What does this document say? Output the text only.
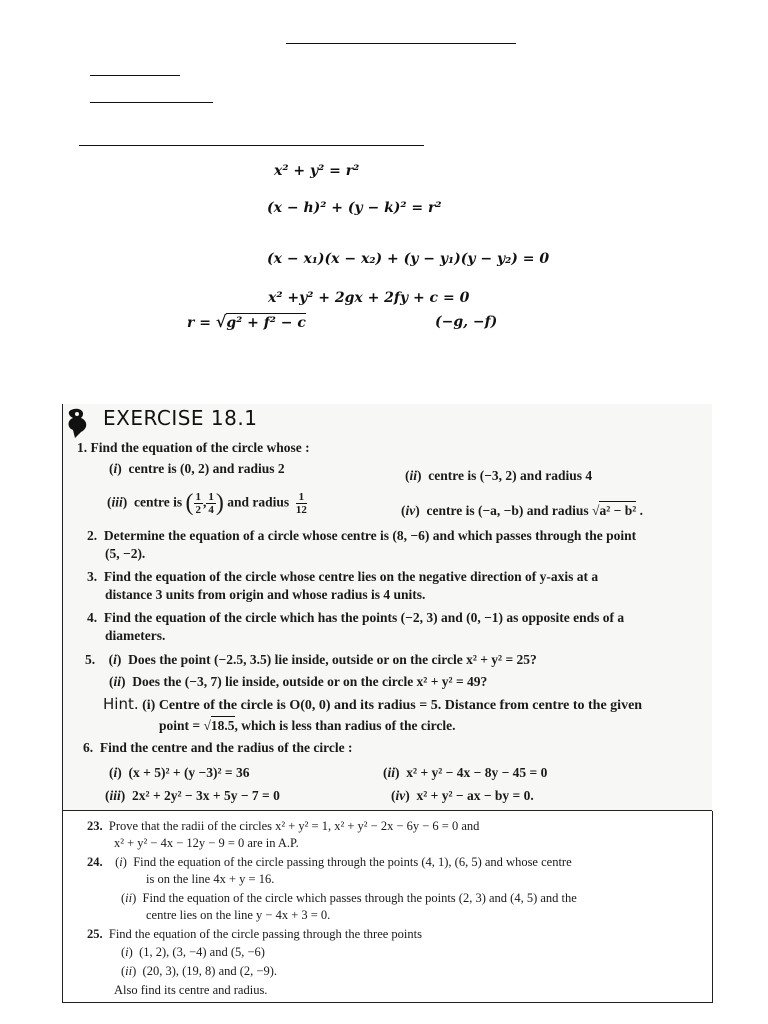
x² + y² = r²
(x − h)² + (y − k)² = r²
(x − x₁)(x − x₂) + (y − y₁)(y − y₂) = 0
x² +y² + 2gx + 2fy + c = 0
r = √g² + f² − c	(−g, −f)
EXERCISE 18.1
1. Find the equation of the circle whose :
(i)  centre is (0, 2) and radius 2	(ii)  centre is (−3, 2) and radius 4
(iii)  centre is ( $\frac{1}{2}$ , $\frac{1}{4}$ ) and radius $\frac{1}{12}$	(iv)  centre is (−a, −b) and radius √a² − b² .
2.  Determine the equation of a circle whose centre is (8, −6) and which passes through the point
(5, −2).
3.  Find the equation of the circle whose centre lies on the negative direction of y-axis at a
distance 3 units from origin and whose radius is 4 units.
4.  Find the equation of the circle which has the points (−2, 3) and (0, −1) as opposite ends of a
diameters.
5.    (i)  Does the point (−2.5, 3.5) lie inside, outside or on the circle x² + y² = 25?
(ii)  Does the (−3, 7) lie inside, outside or on the circle x² + y² = 49?
Hint. (i) Centre of the circle is O(0, 0) and its radius = 5. Distance from centre to the given
point = √18.5, which is less than radius of the circle.
6.  Find the centre and the radius of the circle :
(i)  (x + 5)² + (y −3)² = 36	(ii)  x² + y² − 4x − 8y − 45 = 0
(iii)  2x² + 2y² − 3x + 5y − 7 = 0	(iv)  x² + y² − ax − by = 0.
23. Prove that the radii of the circles x² + y² = 1, x² + y² − 2x − 6y − 6 = 0 and
x² + y² − 4x − 12y − 9 = 0 are in A.P.
24.    (i)  Find the equation of the circle passing through the points (4, 1), (6, 5) and whose centre
is on the line 4x + y = 16.
(ii)  Find the equation of the circle which passes through the points (2, 3) and (4, 5) and the
centre lies on the line y − 4x + 3 = 0.
25. Find the equation of the circle passing through the three points
(i)  (1, 2), (3, −4) and (5, −6)
(ii)  (20, 3), (19, 8) and (2, −9).
Also find its centre and radius.
